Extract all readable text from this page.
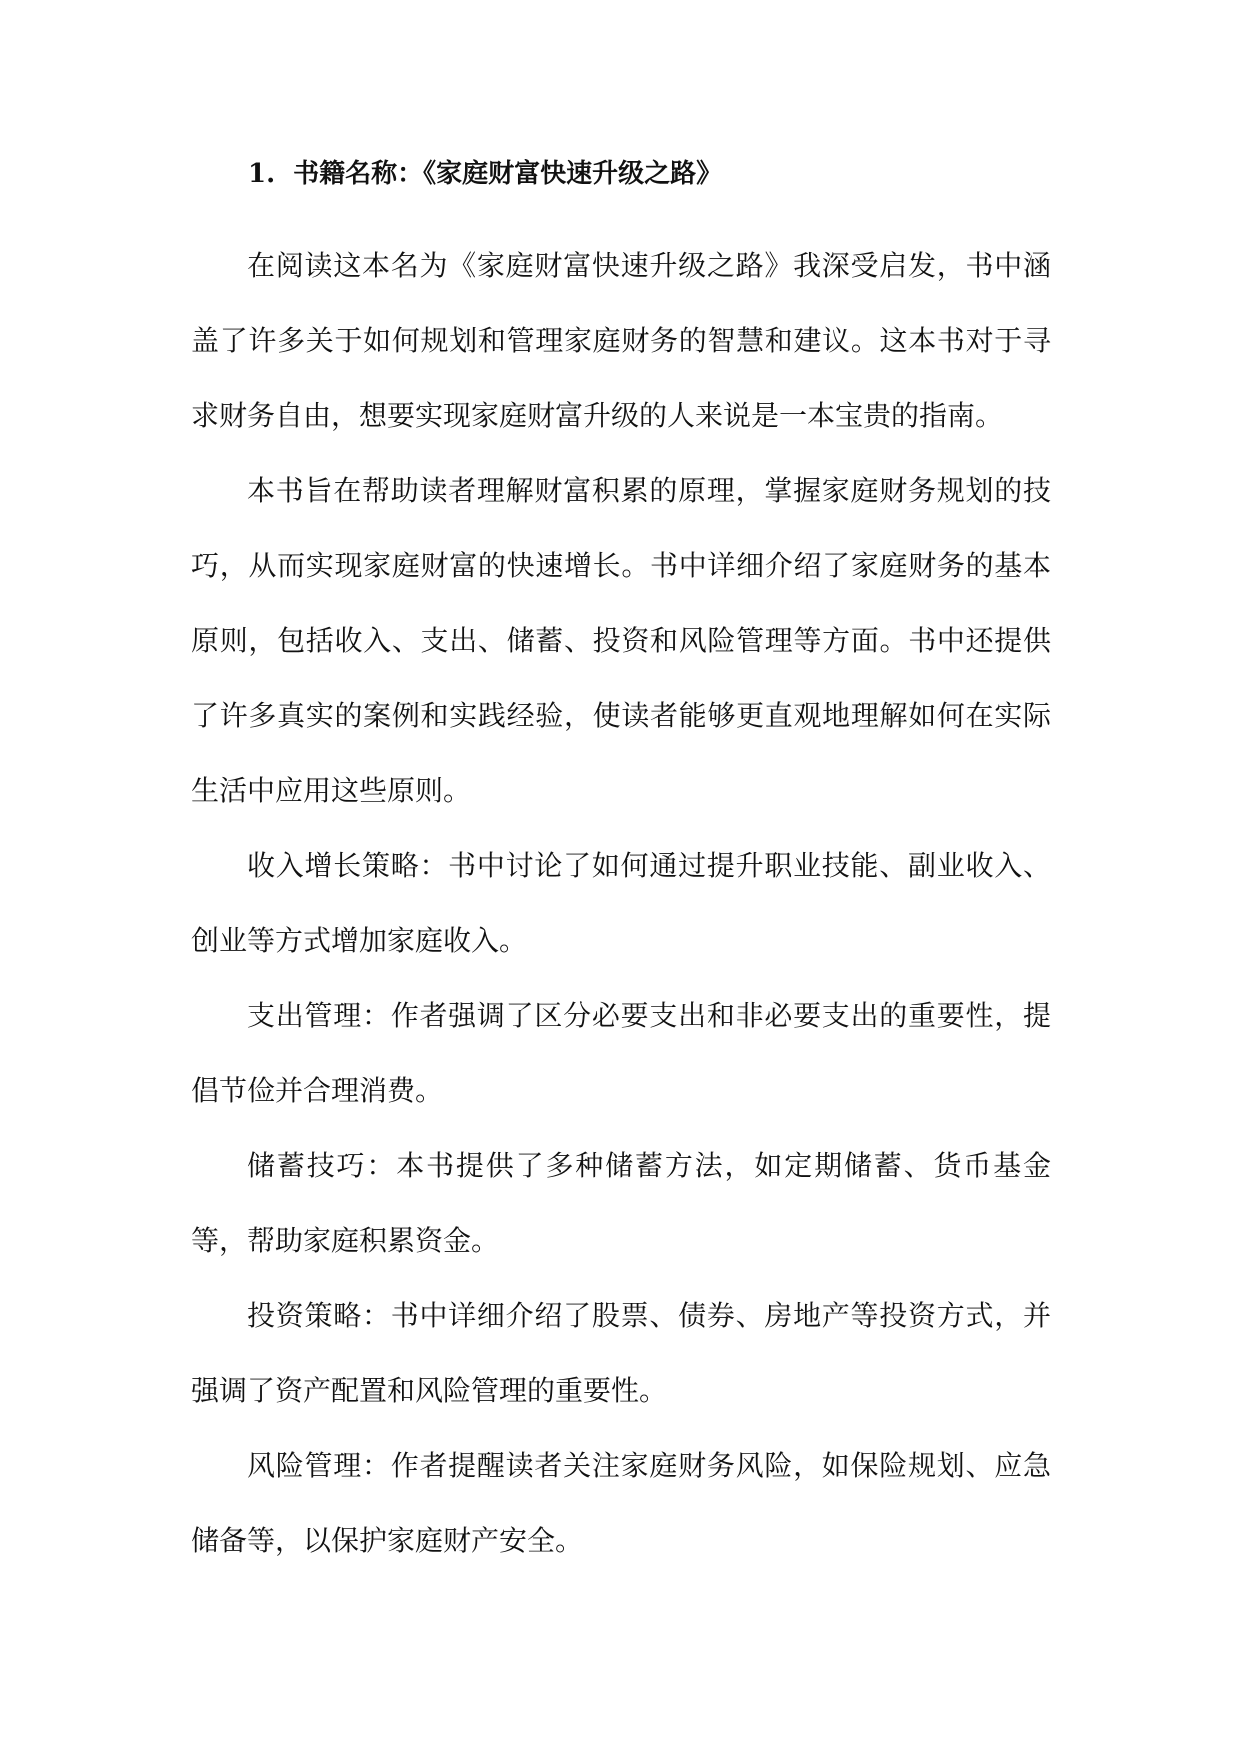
1. 书籍名称：《家庭财富快速升级之路》

在阅读这本名为《家庭财富快速升级之路》我深受启发，书中涵盖了许多关于如何规划和管理家庭财务的智慧和建议。这本书对于寻求财务自由，想要实现家庭财富升级的人来说是一本宝贵的指南。

本书旨在帮助读者理解财富积累的原理，掌握家庭财务规划的技巧，从而实现家庭财富的快速增长。书中详细介绍了家庭财务的基本原则，包括收入、支出、储蓄、投资和风险管理等方面。书中还提供了许多真实的案例和实践经验，使读者能够更直观地理解如何在实际生活中应用这些原则。

收入增长策略：书中讨论了如何通过提升职业技能、副业收入、创业等方式增加家庭收入。

支出管理：作者强调了区分必要支出和非必要支出的重要性，提倡节俭并合理消费。

储蓄技巧：本书提供了多种储蓄方法，如定期储蓄、货币基金等，帮助家庭积累资金。

投资策略：书中详细介绍了股票、债券、房地产等投资方式，并强调了资产配置和风险管理的重要性。

风险管理：作者提醒读者关注家庭财务风险，如保险规划、应急储备等，以保护家庭财产安全。
